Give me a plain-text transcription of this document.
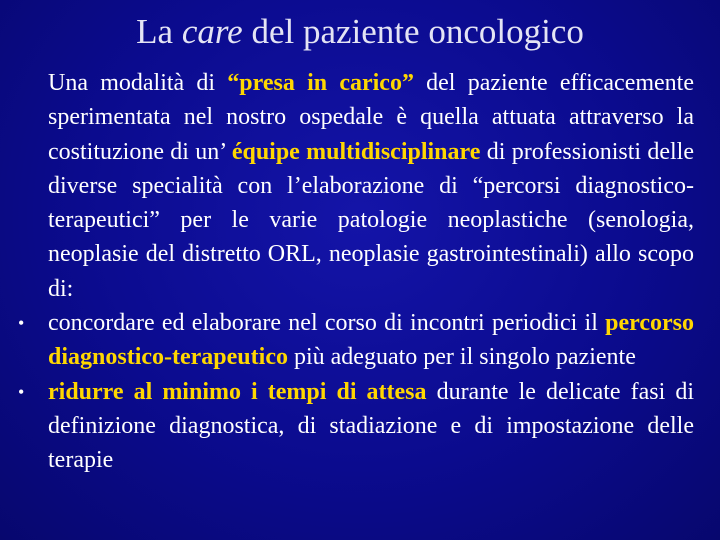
La care del paziente oncologico

Una modalità di “presa in carico” del paziente efficacemente sperimentata nel nostro ospedale è quella attuata attraverso la costituzione di un’ équipe multidisciplinare di professionisti delle diverse specialità con l’elaborazione di “percorsi diagnostico-terapeutici” per le varie patologie neoplastiche (senologia, neoplasie del distretto ORL, neoplasie gastrointestinali) allo scopo di:

• concordare ed elaborare nel corso di incontri periodici il percorso diagnostico-terapeutico più adeguato per il singolo paziente

• ridurre al minimo i tempi di attesa durante le delicate fasi di definizione diagnostica, di stadiazione e di impostazione delle terapie
